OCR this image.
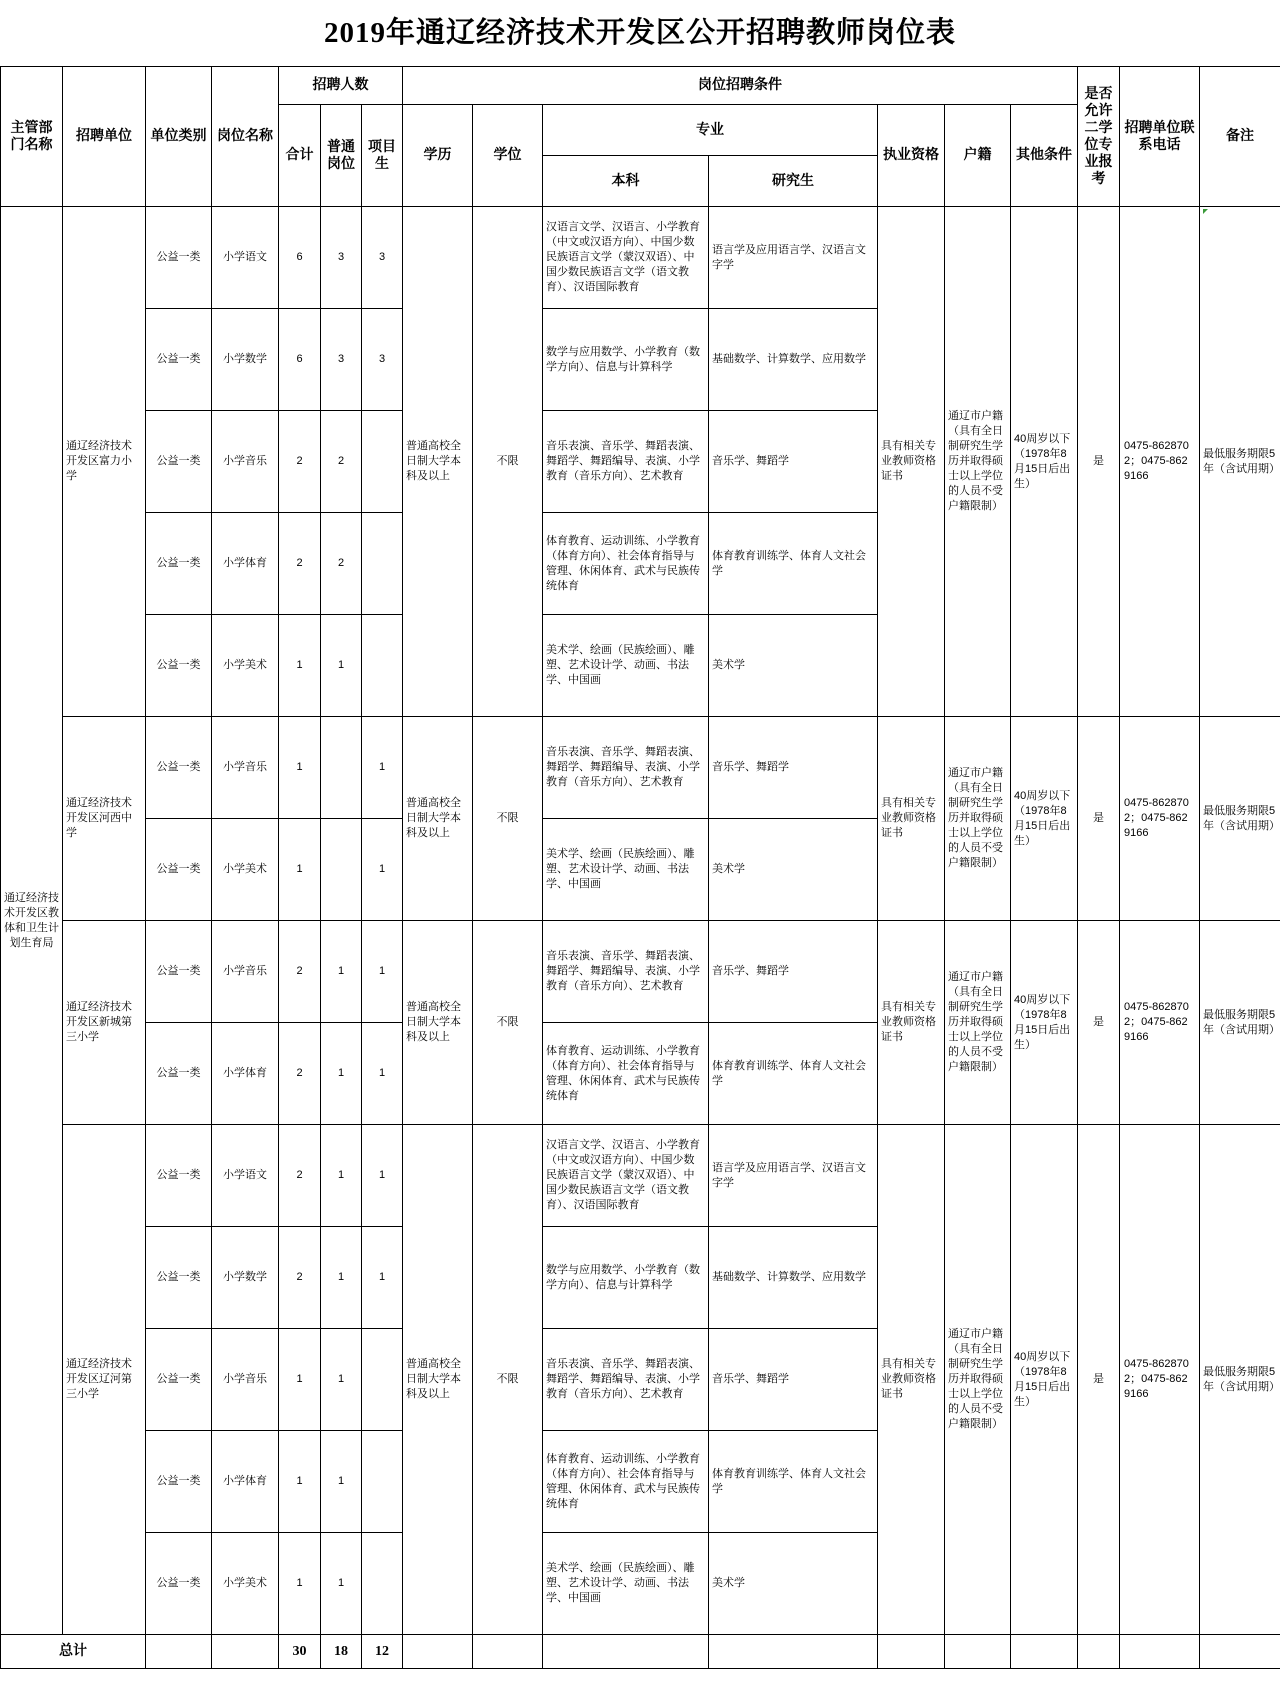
2019年通辽经济技术开发区公开招聘教师岗位表
主管部门名称	招聘单位	单位类别	岗位名称	招聘人数			岗位招聘条件							是否允许二学位专业报考	招聘单位联系电话	备注
				合计	普通岗位	项目生	学历	学位	专业		执业资格	户籍	其他条件			
									本科	研究生						
通辽经济技术开发区教体和卫生计划生育局	通辽经济技术开发区富力小学	公益一类	小学语文	6	3	3	普通高校全日制大学本科及以上	不限	汉语言文学、汉语言、小学教育（中文或汉语方向）、中国少数民族语言文学（蒙汉双语）、中国少数民族语言文学（语文教育）、汉语国际教育	语言学及应用语言学、汉语言文字学	具有相关专业教师资格证书	通辽市户籍（具有全日制研究生学历并取得硕士以上学位的人员不受户籍限制）	40周岁以下（1978年8月15日后出生）	是	0475-8628702；0475-8629166	最低服务期限5年（含试用期）
		公益一类	小学数学	6	3	3			数学与应用数学、小学教育（数学方向）、信息与计算科学	基础数学、计算数学、应用数学						
		公益一类	小学音乐	2	2				音乐表演、音乐学、舞蹈表演、舞蹈学、舞蹈编导、表演、小学教育（音乐方向）、艺术教育	音乐学、舞蹈学						
		公益一类	小学体育	2	2				体育教育、运动训练、小学教育（体育方向）、社会体育指导与管理、休闲体育、武术与民族传统体育	体育教育训练学、体育人文社会学						
		公益一类	小学美术	1	1				美术学、绘画（民族绘画）、雕塑、艺术设计学、动画、书法学、中国画	美术学						
	通辽经济技术开发区河西中学	公益一类	小学音乐	1		1	普通高校全日制大学本科及以上	不限	音乐表演、音乐学、舞蹈表演、舞蹈学、舞蹈编导、表演、小学教育（音乐方向）、艺术教育	音乐学、舞蹈学	具有相关专业教师资格证书	通辽市户籍（具有全日制研究生学历并取得硕士以上学位的人员不受户籍限制）	40周岁以下（1978年8月15日后出生）	是	0475-8628702；0475-8629166	最低服务期限5年（含试用期）
		公益一类	小学美术	1		1			美术学、绘画（民族绘画）、雕塑、艺术设计学、动画、书法学、中国画	美术学						
	通辽经济技术开发区新城第三小学	公益一类	小学音乐	2	1	1	普通高校全日制大学本科及以上	不限	音乐表演、音乐学、舞蹈表演、舞蹈学、舞蹈编导、表演、小学教育（音乐方向）、艺术教育	音乐学、舞蹈学	具有相关专业教师资格证书	通辽市户籍（具有全日制研究生学历并取得硕士以上学位的人员不受户籍限制）	40周岁以下（1978年8月15日后出生）	是	0475-8628702；0475-8629166	最低服务期限5年（含试用期）
		公益一类	小学体育	2	1	1			体育教育、运动训练、小学教育（体育方向）、社会体育指导与管理、休闲体育、武术与民族传统体育	体育教育训练学、体育人文社会学						
	通辽经济技术开发区辽河第三小学	公益一类	小学语文	2	1	1	普通高校全日制大学本科及以上	不限	汉语言文学、汉语言、小学教育（中文或汉语方向）、中国少数民族语言文学（蒙汉双语）、中国少数民族语言文学（语文教育）、汉语国际教育	语言学及应用语言学、汉语言文字学	具有相关专业教师资格证书	通辽市户籍（具有全日制研究生学历并取得硕士以上学位的人员不受户籍限制）	40周岁以下（1978年8月15日后出生）	是	0475-8628702；0475-8629166	最低服务期限5年（含试用期）
		公益一类	小学数学	2	1	1			数学与应用数学、小学教育（数学方向）、信息与计算科学	基础数学、计算数学、应用数学						
		公益一类	小学音乐	1	1				音乐表演、音乐学、舞蹈表演、舞蹈学、舞蹈编导、表演、小学教育（音乐方向）、艺术教育	音乐学、舞蹈学						
		公益一类	小学体育	1	1				体育教育、运动训练、小学教育（体育方向）、社会体育指导与管理、休闲体育、武术与民族传统体育	体育教育训练学、体育人文社会学						
		公益一类	小学美术	1	1				美术学、绘画（民族绘画）、雕塑、艺术设计学、动画、书法学、中国画	美术学						
总计				30	18	12										
